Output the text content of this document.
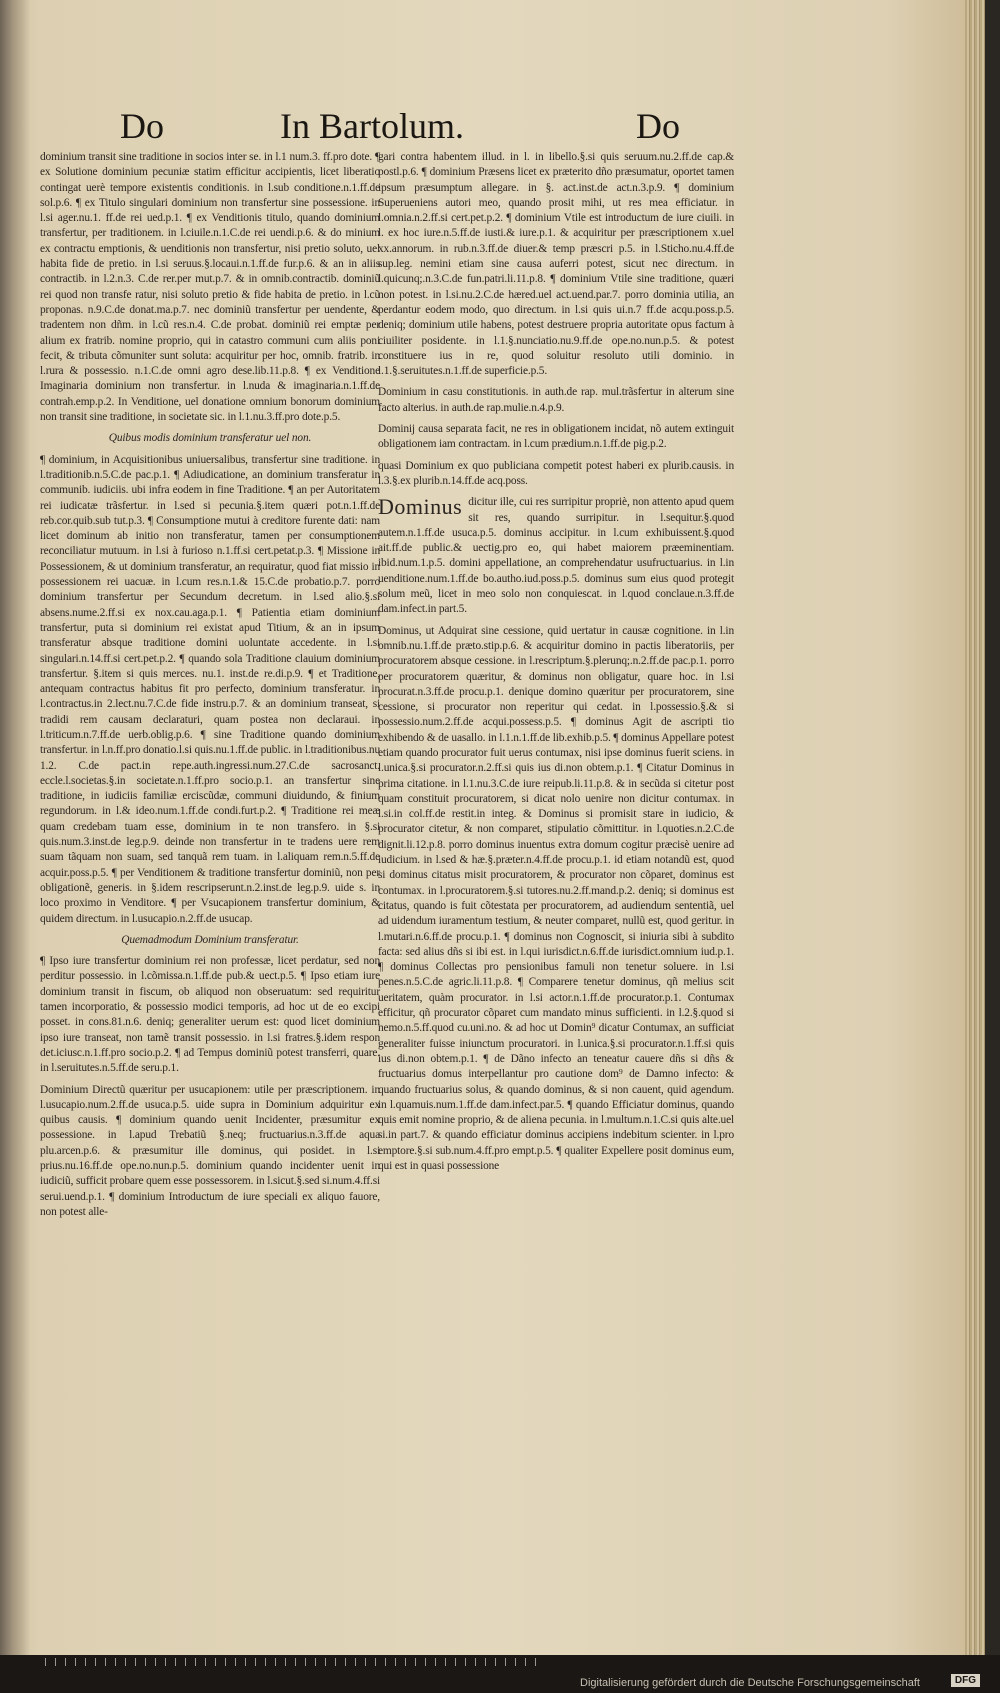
Do	In Bartolum.	Do

dominium transit sine traditione in socios inter se. in l.1 num.3. ff.pro dote. ¶ ex Solutione dominium pecuniæ statim efficitur accipientis, licet liberatio contingat uerè tempore existentis conditionis. in l.sub conditione.n.1.ff.de sol.p.6. ¶ ex Titulo singulari dominium non transfertur sine possessione. in l.si ager.nu.1. ff.de rei ued.p.1. ¶ ex Venditionis titulo, quando dominium transfertur, per traditionem. in l.ciuile.n.1.C.de rei uendi.p.6. & do minium ex contractu emptionis, & uenditionis non transfertur, nisi pretio soluto, uel habita fide de pretio. in l.si seruus.§.locaui.n.1.ff.de fur.p.6. & an in aliis contractib. in l.2.n.3. C.de rer.per mut.p.7. & in omnib.contractib. dominiũ rei quod non transfe ratur, nisi soluto pretio & fide habita de pretio. in l.cũ proponas. n.9.C.de donat.ma.p.7. nec dominiũ transfertur per uendente, & tradentem non dñm. in l.cũ res.n.4. C.de probat. dominiũ rei emptæ per alium ex fratrib. nomine proprio, qui in catastro communi cum aliis poni fecit, & tributa cõmuniter sunt soluta: acquiritur per hoc, omnib. fratrib. in l.rura & possessio. n.1.C.de omni agro dese.lib.11.p.8. ¶ ex Venditione Imaginaria dominium non transfertur. in l.nuda & imaginaria.n.1.ff.de contrah.emp.p.2. In Venditione, uel donatione omnium bonorum dominium non transit sine traditione, in societate sic. in l.1.nu.3.ff.pro dote.p.5.

Quibus modis dominium transferatur uel non.

¶ dominium, in Acquisitionibus uniuersalibus, transfertur sine traditione. in l.traditionib.n.5.C.de pac.p.1. ¶ Adiudicatione, an dominium transferatur in communib. iudiciis. ubi infra eodem in fine Traditione. ¶ an per Autoritatem rei iudicatæ trãsfertur. in l.sed si pecunia.§.item quæri pot.n.1.ff.de reb.cor.quib.sub tut.p.3. ¶ Consumptione mutui à creditore furente dati: nam licet dominum ab initio non transferatur, tamen per consumptionem reconciliatur mutuum. in l.si à furioso n.1.ff.si cert.petat.p.3. ¶ Missione in Possessionem, & ut dominium transferatur, an requiratur, quod fiat missio in possessionem rei uacuæ. in l.cum res.n.1.& 15.C.de probatio.p.7. porro dominium transfertur per Secundum decretum. in l.sed alio.§.si absens.nume.2.ff.si ex nox.cau.aga.p.1. ¶ Patientia etiam dominium transfertur, puta si dominium rei existat apud Titium, & an in ipsum transferatur absque traditione domini uoluntate accedente. in l.si singulari.n.14.ff.si cert.pet.p.2. ¶ quando sola Traditione clauium dominium transfertur. §.item si quis merces. nu.1. inst.de re.di.p.9. ¶ et Traditione, antequam contractus habitus fit pro perfecto, dominium transferatur. in l.contractus.in 2.lect.nu.7.C.de fide instru.p.7. & an dominium transeat, si tradidi rem causam declaraturi, quam postea non declaraui. in l.triticum.n.7.ff.de uerb.oblig.p.6. ¶ sine Traditione quando dominium transfertur. in l.n.ff.pro donatio.l.si quis.nu.1.ff.de public. in l.traditionibus.nu 1.2. C.de pact.in repe.auth.ingressi.num.27.C.de sacrosanct. eccle.l.societas.§.in societate.n.1.ff.pro socio.p.1. an transfertur sine traditione, in iudiciis familiæ erciscũdæ, communi diuidundo, & finium regundorum. in l.& ideo.num.1.ff.de condi.furt.p.2. ¶ Traditione rei meæ quam credebam tuam esse, dominium in te non transfero. in §.si quis.num.3.inst.de leg.p.9. deinde non transfertur in te tradens uere rem suam tãquam non suam, sed tanquã rem tuam. in l.aliquam rem.n.5.ff.de acquir.poss.p.5. ¶ per Venditionem & traditione transfertur dominiũ, non per obligationẽ, generis. in §.idem rescripserunt.n.2.inst.de leg.p.9. uide s. in loco proximo in Venditore. ¶ per Vsucapionem transfertur dominium, & quidem directum. in l.usucapio.n.2.ff.de usucap.

Quemadmodum Dominium transferatur.

¶ Ipso iure transfertur dominium rei non professæ, licet perdatur, sed non perditur possessio. in l.cõmissa.n.1.ff.de pub.& uect.p.5. ¶ Ipso etiam iure dominium transit in fiscum, ob aliquod non obseruatum: sed requiritur tamen incorporatio, & possessio modici temporis, ad hoc ut de eo excipi posset. in cons.81.n.6. deniq; generaliter uerum est: quod licet dominium ipso iure transeat, non tamẽ transit possessio. in l.si fratres.§.idem respon det.iciusc.n.1.ff.pro socio.p.2. ¶ ad Tempus dominiũ potest transferri, quare. in l.seruitutes.n.5.ff.de seru.p.1.

Dominium Directũ quæritur per usucapionem: utile per præscriptionem. in l.usucapio.num.2.ff.de usuca.p.5. uide supra in Dominium adquiritur ex quibus causis. ¶ dominium quando uenit Incidenter, præsumitur ex possessione. in l.apud Trebatiũ §.neq; fructuarius.n.3.ff.de aqua plu.arcen.p.6. & præsumitur ille dominus, qui posidet. in l.si prius.nu.16.ff.de ope.no.nun.p.5. dominium quando incidenter uenit in iudiciũ, sufficit probare quem esse possessorem. in l.sicut.§.sed si.num.4.ff.si serui.uend.p.1. ¶ dominium Introductum de iure speciali ex aliquo fauore, non potest alle-

gari contra habentem illud. in l. in libello.§.si quis seruum.nu.2.ff.de cap.& postl.p.6. ¶ dominium Præsens licet ex præterito dño præsumatur, oportet tamen ipsum præsumptum allegare. in §. act.inst.de act.n.3.p.9. ¶ dominium Superueniens autori meo, quando prosit mihi, ut res mea efficiatur. in l.omnia.n.2.ff.si cert.pet.p.2. ¶ dominium Vtile est introductum de iure ciuili. in l. ex hoc iure.n.5.ff.de iusti.& iure.p.1. & acquiritur per præscriptionem x.uel xx.annorum. in rub.n.3.ff.de diuer.& temp præscri p.5. in l.Sticho.nu.4.ff.de sup.leg. nemini etiam sine causa auferri potest, sicut nec directum. in l.quicunq;.n.3.C.de fun.patri.li.11.p.8. ¶ dominium Vtile sine traditione, quæri non potest. in l.si.nu.2.C.de hæred.uel act.uend.par.7. porro dominia utilia, an perdantur eodem modo, quo directum. in l.si quis ui.n.7 ff.de acqu.poss.p.5. deniq; dominium utile habens, potest destruere propria autoritate opus factum à ciuiliter posidente. in l.1.§.nunciatio.nu.9.ff.de ope.no.nun.p.5. & potest constituere ius in re, quod soluitur resoluto utili dominio. in l.1.§.seruitutes.n.1.ff.de superficie.p.5.

Dominium in casu constitutionis. in auth.de rap. mul.trãsfertur in alterum sine facto alterius. in auth.de rap.mulie.n.4.p.9.

Dominij causa separata facit, ne res in obligationem incidat, nõ autem extinguit obligationem iam contractam. in l.cum prædium.n.1.ff.de pig.p.2.

quasi Dominium ex quo publiciana competit potest haberi ex plurib.causis. in l.3.§.ex plurib.n.14.ff.de acq.poss.

Dominus dicitur ille, cui res surripitur propriè, non attento apud quem sit res, quando surripitur. in l.sequitur.§.quod autem.n.1.ff.de usuca.p.5. dominus accipitur. in l.cum exhibuissent.§.quod ait.ff.de public.& uectig.pro eo, qui habet maiorem præeminentiam. ibid.num.1.p.5. domini appellatione, an comprehendatur usufructuarius. in l.in uenditione.num.1.ff.de bo.autho.iud.poss.p.5. dominus sum eius quod protegit solum meũ, licet in meo solo non conquiescat. in l.quod conclaue.n.3.ff.de dam.infect.in part.5.

Dominus, ut Adquirat sine cessione, quid uertatur in causæ cognitione. in l.in omnib.nu.1.ff.de præto.stip.p.6. & acquiritur domino in pactis liberatoriis, per procuratorem absque cessione. in l.rescriptum.§.plerunq;.n.2.ff.de pac.p.1. porro per procuratorem quæritur, & dominus non obligatur, quare hoc. in l.si procurat.n.3.ff.de procu.p.1. denique domino quæritur per procuratorem, sine cessione, si procurator non reperitur qui cedat. in l.possessio.§.& si possessio.num.2.ff.de acqui.possess.p.5. ¶ dominus Agit de ascripti tio exhibendo & de uasallo. in l.1.n.1.ff.de lib.exhib.p.5. ¶ dominus Appellare potest etiam quando procurator fuit uerus contumax, nisi ipse dominus fuerit sciens. in l.unica.§.si procurator.n.2.ff.si quis ius di.non obtem.p.1. ¶ Citatur Dominus in prima citatione. in l.1.nu.3.C.de iure reipub.li.11.p.8. & in secũda si citetur post quam constituit procuratorem, si dicat nolo uenire non dicitur contumax. in l.si.in col.ff.de restit.in integ. & Dominus si promisit stare in iudicio, & procurator citetur, & non comparet, stipulatio cõmittitur. in l.quoties.n.2.C.de dignit.li.12.p.8. porro dominus inuentus extra domum cogitur præcisè uenire ad iudicium. in l.sed & hæ.§.præter.n.4.ff.de procu.p.1. id etiam notandũ est, quod si dominus citatus misit procuratorem, & procurator non cõparet, dominus est contumax. in l.procuratorem.§.si tutores.nu.2.ff.mand.p.2. deniq; si dominus est citatus, quando is fuit cõtestata per procuratorem, ad audiendum sententiã, uel ad uidendum iuramentum testium, & neuter comparet, nullũ est, quod geritur. in l.mutari.n.6.ff.de procu.p.1. ¶ dominus non Cognoscit, si iniuria sibi à subdito facta: sed alius dñs si ibi est. in l.qui iurisdict.n.6.ff.de iurisdict.omnium iud.p.1. ¶ dominus Collectas pro pensionibus famuli non tenetur soluere. in l.si penes.n.5.C.de agric.li.11.p.8. ¶ Comparere tenetur dominus, qñ melius scit ueritatem, quàm procurator. in l.si actor.n.1.ff.de procurator.p.1. Contumax efficitur, qñ procurator cõparet cum mandato minus sufficienti. in l.2.§.quod si nemo.n.5.ff.quod cu.uni.no. & ad hoc ut Domin⁹ dicatur Contumax, an sufficiat generaliter fuisse iniunctum procuratori. in l.unica.§.si procurator.n.1.ff.si quis ius di.non obtem.p.1. ¶ de Dãno infecto an teneatur cauere dñs si dñs & fructuarius domus interpellantur pro cautione dom⁹ de Damno infecto: & quando fructuarius solus, & quando dominus, & si non cauent, quid agendum. in l.quamuis.num.1.ff.de dam.infect.par.5. ¶ quando Efficiatur dominus, quando quis emit nomine proprio, & de aliena pecunia. in l.multum.n.1.C.si quis alte.uel si.in part.7. & quando efficiatur dominus accipiens indebitum scienter. in l.pro emptore.§.si sub.num.4.ff.pro empt.p.5. ¶ qualiter Expellere posit dominus eum, qui est in quasi possessione

Digitalisierung gefördert durch die Deutsche Forschungsgemeinschaft	DFG
